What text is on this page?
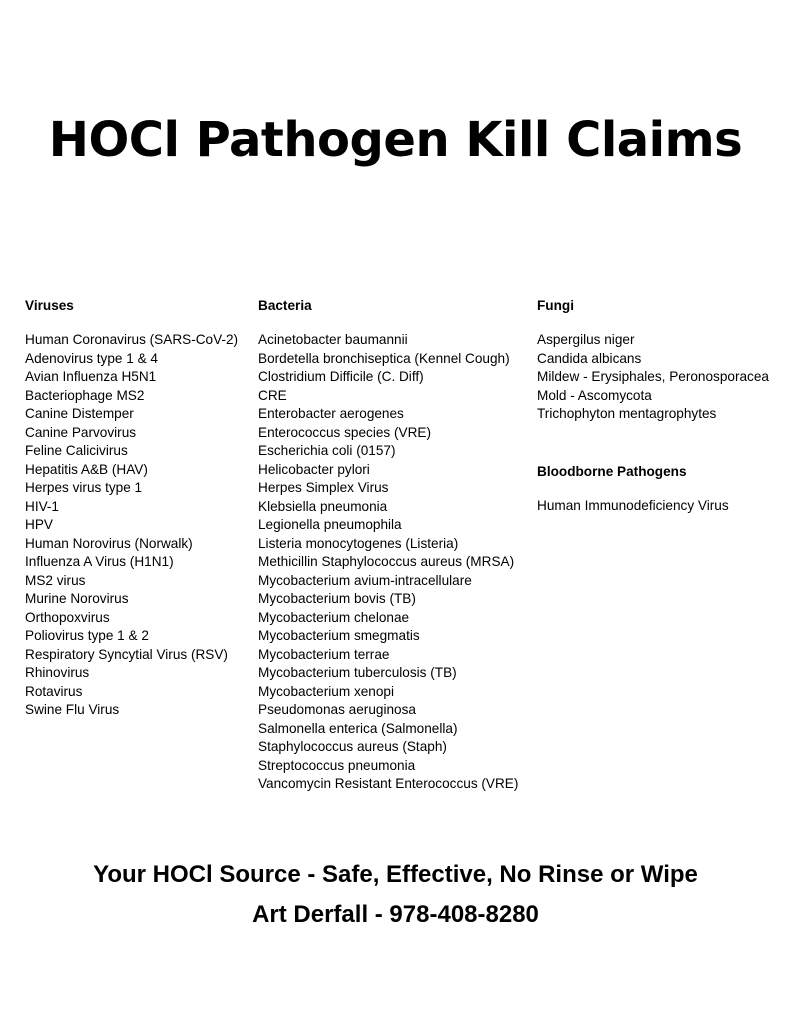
HOCl Pathogen Kill Claims
Viruses
Human Coronavirus (SARS-CoV-2)
Adenovirus type 1 & 4
Avian Influenza H5N1
Bacteriophage MS2
Canine Distemper
Canine Parvovirus
Feline Calicivirus
Hepatitis A&B (HAV)
Herpes virus type 1
HIV-1
HPV
Human Norovirus (Norwalk)
Influenza A Virus (H1N1)
MS2 virus
Murine Norovirus
Orthopoxvirus
Poliovirus type 1 & 2
Respiratory Syncytial Virus (RSV)
Rhinovirus
Rotavirus
Swine Flu Virus
Bacteria
Acinetobacter baumannii
Bordetella bronchiseptica (Kennel Cough)
Clostridium Difficile (C. Diff)
CRE
Enterobacter aerogenes
Enterococcus species (VRE)
Escherichia coli (0157)
Helicobacter pylori
Herpes Simplex Virus
Klebsiella pneumonia
Legionella pneumophila
Listeria monocytogenes (Listeria)
Methicillin Staphylococcus aureus (MRSA)
Mycobacterium avium-intracellulare
Mycobacterium bovis (TB)
Mycobacterium chelonae
Mycobacterium smegmatis
Mycobacterium terrae
Mycobacterium tuberculosis (TB)
Mycobacterium xenopi
Pseudomonas aeruginosa
Salmonella enterica (Salmonella)
Staphylococcus aureus (Staph)
Streptococcus pneumonia
Vancomycin Resistant Enterococcus (VRE)
Fungi
Aspergilus niger
Candida albicans
Mildew - Erysiphales, Peronosporacea
Mold - Ascomycota
Trichophyton mentagrophytes
Bloodborne Pathogens
Human Immunodeficiency Virus
Your HOCl Source - Safe, Effective, No Rinse or Wipe
Art Derfall - 978-408-8280
